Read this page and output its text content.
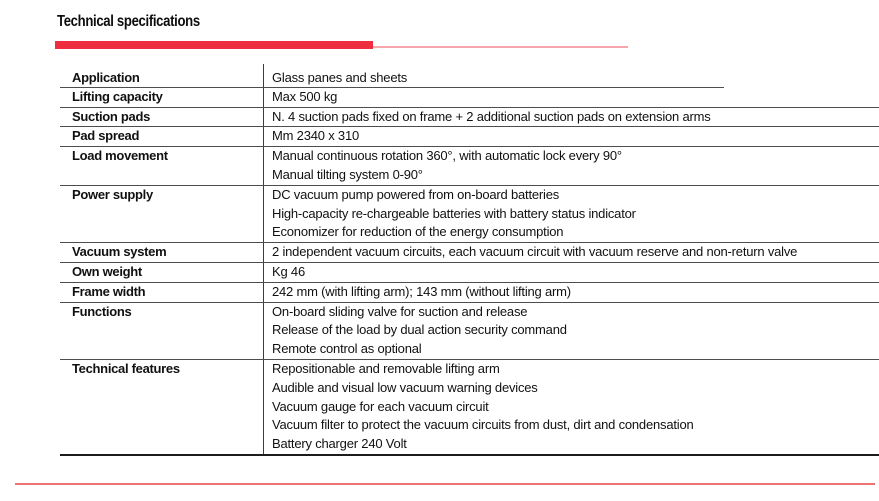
Technical specifications
Application	Glass panes and sheets
Lifting capacity	Max 500 kg
Suction pads	N. 4 suction pads fixed on frame + 2 additional suction pads on extension arms
Pad spread	Mm 2340 x 310
Load movement	Manual continuous rotation 360°, with automatic lock every 90°
Manual tilting system 0-90°
Power supply	DC vacuum pump powered from on-board batteries
High-capacity re-chargeable batteries with battery status indicator
Economizer for reduction of the energy consumption
Vacuum system	2 independent vacuum circuits, each vacuum circuit with vacuum reserve and non-return valve
Own weight	Kg 46
Frame width	242 mm (with lifting arm); 143 mm (without lifting arm)
Functions	On-board sliding valve for suction and release
Release of the load by dual action security command
Remote control as optional
Technical features	Repositionable and removable lifting arm
Audible and visual low vacuum warning devices
Vacuum gauge for each vacuum circuit
Vacuum filter to protect the vacuum circuits from dust, dirt and condensation
Battery charger 240 Volt
